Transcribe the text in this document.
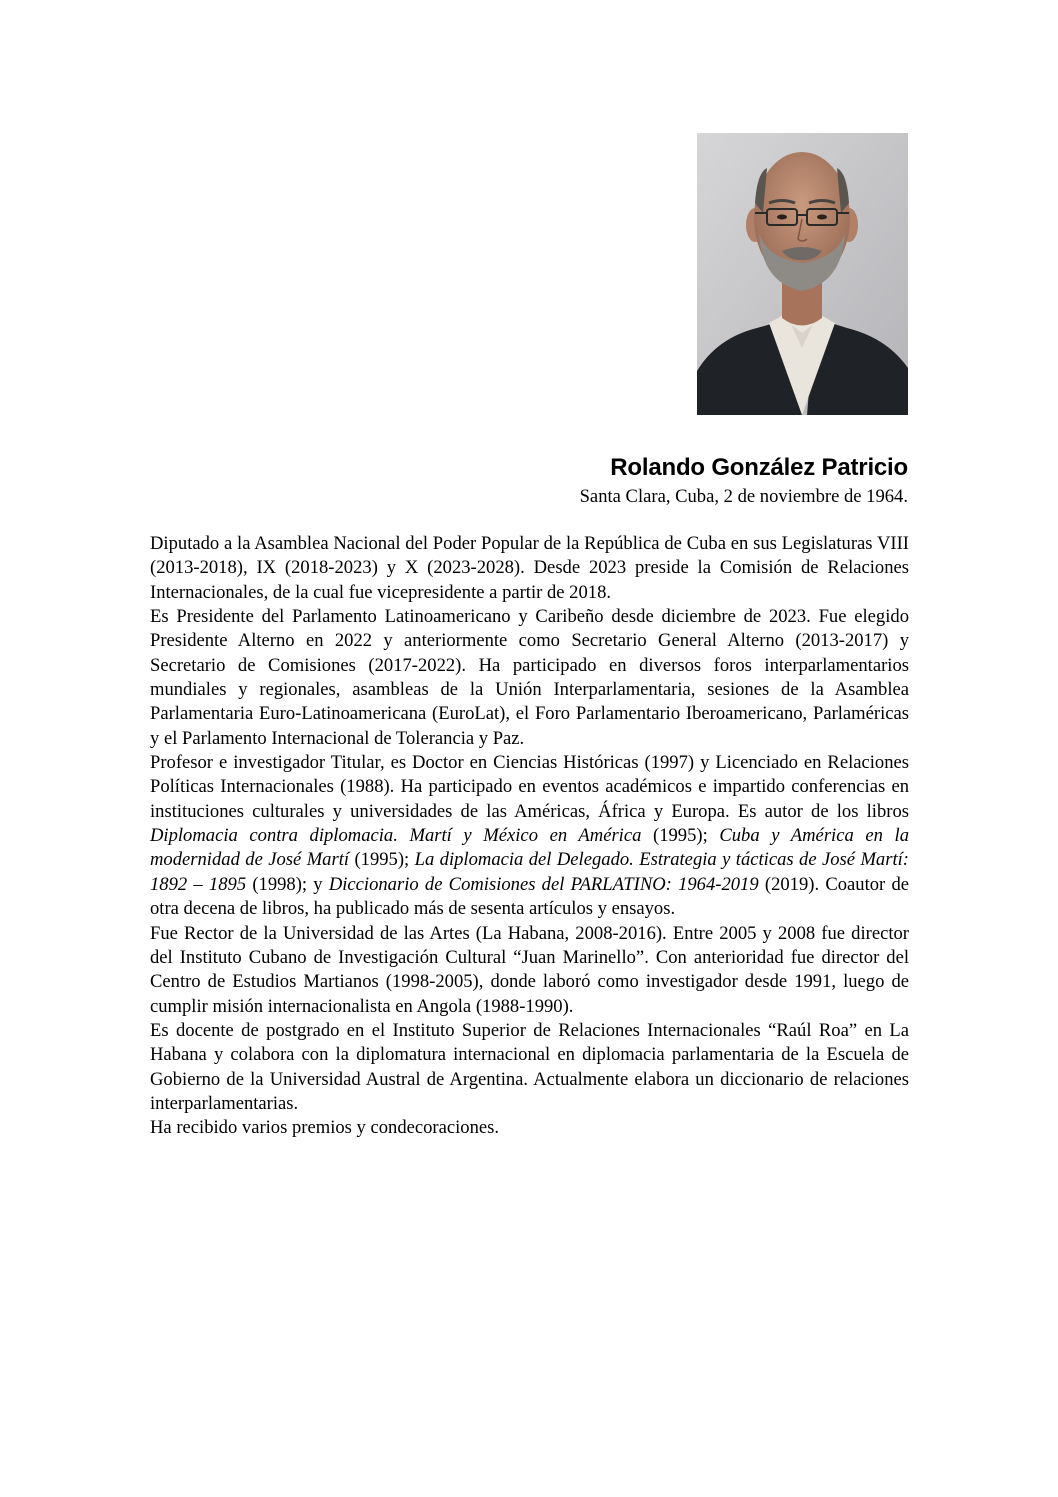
Rolando González Patricio
Santa Clara, Cuba, 2 de noviembre de 1964.

Diputado a la Asamblea Nacional del Poder Popular de la República de Cuba en sus Legislaturas VIII (2013-2018), IX (2018-2023) y X (2023-2028). Desde 2023 preside la Comisión de Relaciones Internacionales, de la cual fue vicepresidente a partir de 2018.

Es Presidente del Parlamento Latinoamericano y Caribeño desde diciembre de 2023. Fue elegido Presidente Alterno en 2022 y anteriormente como Secretario General Alterno (2013-2017) y Secretario de Comisiones (2017-2022). Ha participado en diversos foros interparlamentarios mundiales y regionales, asambleas de la Unión Interparlamentaria, sesiones de la Asamblea Parlamentaria Euro-Latinoamericana (EuroLat), el Foro Parlamentario Iberoamericano, Parlaméricas y el Parlamento Internacional de Tolerancia y Paz.

Profesor e investigador Titular, es Doctor en Ciencias Históricas (1997) y Licenciado en Relaciones Políticas Internacionales (1988). Ha participado en eventos académicos e impartido conferencias en instituciones culturales y universidades de las Américas, África y Europa. Es autor de los libros Diplomacia contra diplomacia. Martí y México en América (1995); Cuba y América en la modernidad de José Martí (1995); La diplomacia del Delegado. Estrategia y tácticas de José Martí: 1892 – 1895 (1998); y Diccionario de Comisiones del PARLATINO: 1964-2019 (2019). Coautor de otra decena de libros, ha publicado más de sesenta artículos y ensayos.

Fue Rector de la Universidad de las Artes (La Habana, 2008-2016). Entre 2005 y 2008 fue director del Instituto Cubano de Investigación Cultural “Juan Marinello”. Con anterioridad fue director del Centro de Estudios Martianos (1998-2005), donde laboró como investigador desde 1991, luego de cumplir misión internacionalista en Angola (1988-1990).

Es docente de postgrado en el Instituto Superior de Relaciones Internacionales “Raúl Roa” en La Habana y colabora con la diplomatura internacional en diplomacia parlamentaria de la Escuela de Gobierno de la Universidad Austral de Argentina. Actualmente elabora un diccionario de relaciones interparlamentarias.

Ha recibido varios premios y condecoraciones.
